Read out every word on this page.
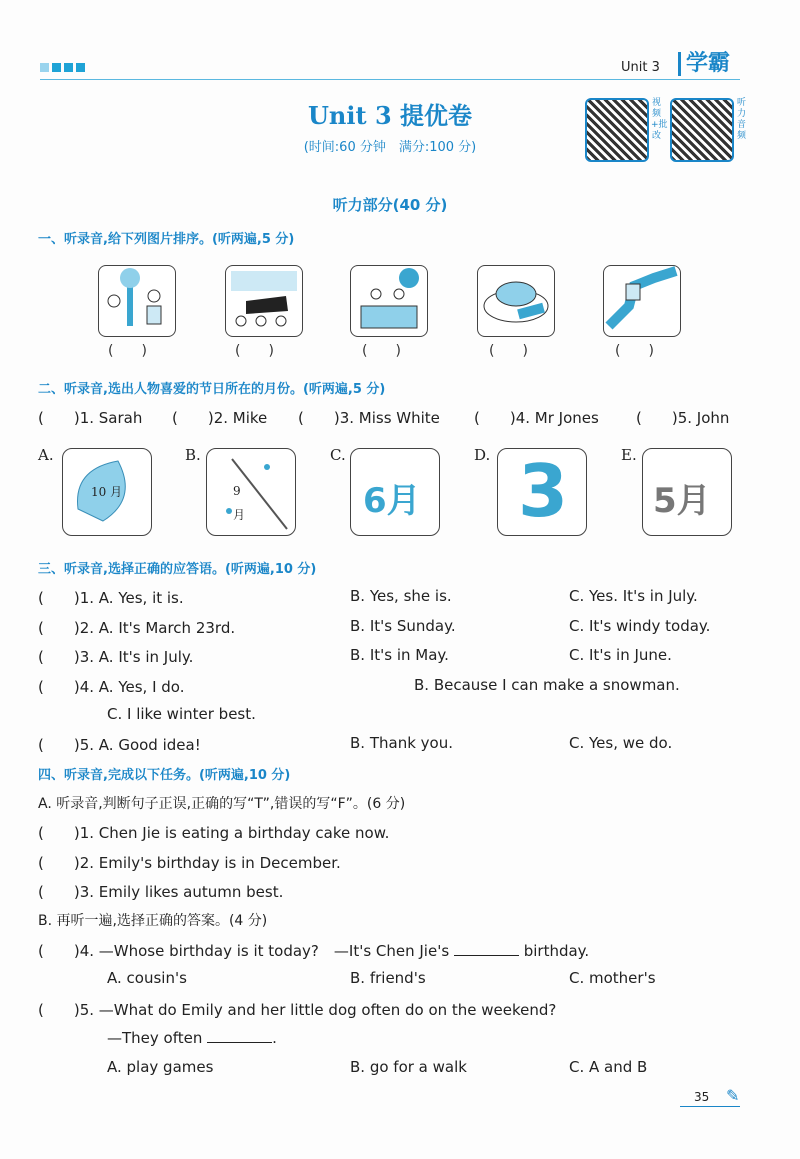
Unit 3	学霸
Unit 3 提优卷
(时间:60 分钟　满分:100 分)
视频+批改
听力音频
听力部分(40 分)
一、听录音,给下列图片排序。(听两遍,5 分)
(　　)	(　　)	(　　)	(　　)	(　　)
二、听录音,选出人物喜爱的节日所在的月份。(听两遍,5 分)
(　　)1. Sarah (　　)2. Mike (　　)3. Miss White (　　)4. Mr Jones (　　)5. John
A.
10 月
B.
9 月
C.
6月
D. 3	E.
5月
三、听录音,选择正确的应答语。(听两遍,10 分)
(　　)1. A. Yes, it is.	B. Yes, she is.	C. Yes. It's in July.
(　　)2. A. It's March 23rd.	B. It's Sunday.	C. It's windy today.
(　　)3. A. It's in July.	B. It's in May.	C. It's in June.
(　　)4. A. Yes, I do.	B. Because I can make a snowman.
C. I like winter best.
(　　)5. A. Good idea!	B. Thank you.	C. Yes, we do.
四、听录音,完成以下任务。(听两遍,10 分)
A. 听录音,判断句子正误,正确的写“T”,错误的写“F”。(6 分)
(　　)1. Chen Jie is eating a birthday cake now.
(　　)2. Emily's birthday is in December.
(　　)3. Emily likes autumn best.
B. 再听一遍,选择正确的答案。(4 分)
(　　)4. —Whose birthday is it today?　—It's Chen Jie's	birthday.
A. cousin's	B. friend's	C. mother's
(　　)5. —What do Emily and her little dog often do on the weekend?
—They often	.
A. play games	B. go for a walk	C. A and B
35 ✎
